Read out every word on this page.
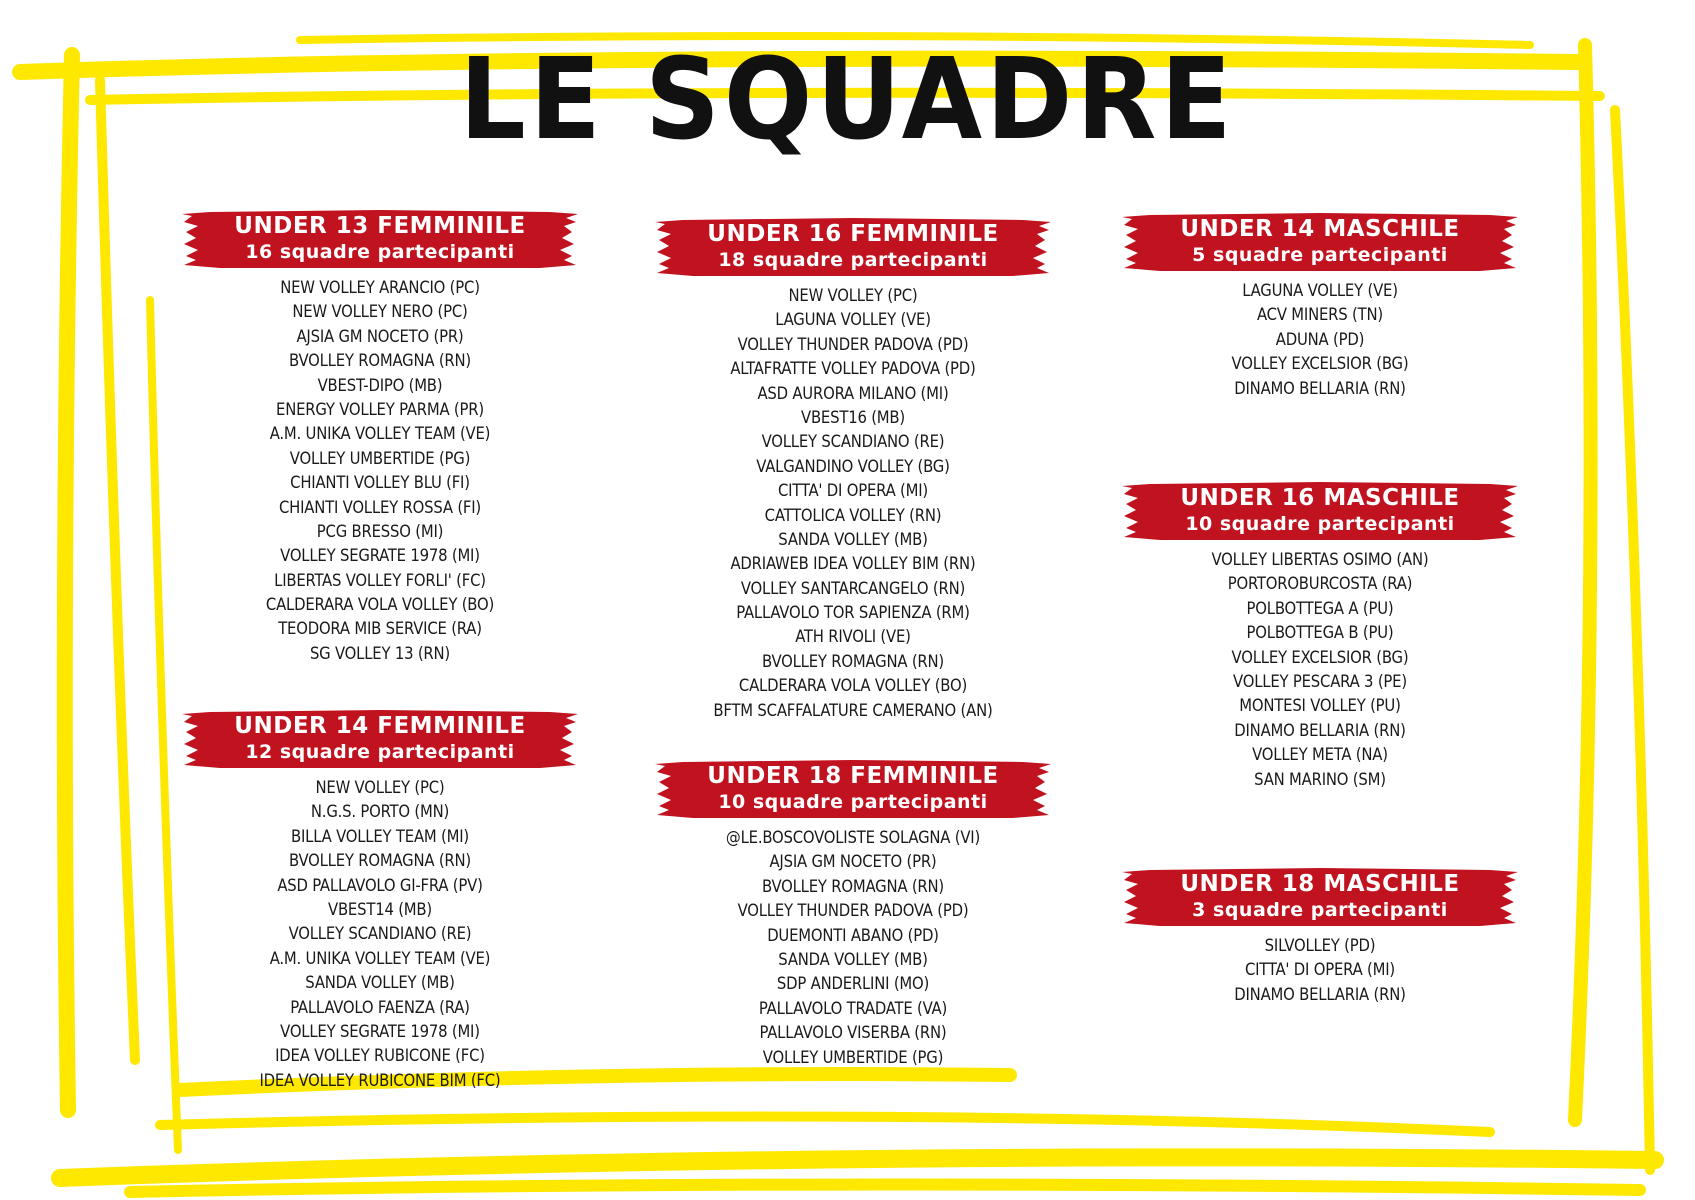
LE SQUADRE
UNDER 13 FEMMINILE
16 squadre partecipanti
NEW VOLLEY ARANCIO (PC)
NEW VOLLEY NERO (PC)
AJSIA GM NOCETO (PR)
BVOLLEY ROMAGNA (RN)
VBEST-DIPO (MB)
ENERGY VOLLEY PARMA (PR)
A.M. UNIKA VOLLEY TEAM (VE)
VOLLEY UMBERTIDE (PG)
CHIANTI VOLLEY BLU (FI)
CHIANTI VOLLEY ROSSA (FI)
PCG BRESSO (MI)
VOLLEY SEGRATE 1978 (MI)
LIBERTAS VOLLEY FORLI' (FC)
CALDERARA VOLA VOLLEY (BO)
TEODORA MIB SERVICE (RA)
SG VOLLEY 13 (RN)
UNDER 14 FEMMINILE
12 squadre partecipanti
NEW VOLLEY (PC)
N.G.S. PORTO (MN)
BILLA VOLLEY TEAM (MI)
BVOLLEY ROMAGNA (RN)
ASD PALLAVOLO GI-FRA (PV)
VBEST14 (MB)
VOLLEY SCANDIANO (RE)
A.M. UNIKA VOLLEY TEAM (VE)
SANDA VOLLEY (MB)
PALLAVOLO FAENZA (RA)
VOLLEY SEGRATE 1978 (MI)
IDEA VOLLEY RUBICONE (FC)
IDEA VOLLEY RUBICONE BIM (FC)
UNDER 16 FEMMINILE
18 squadre partecipanti
NEW VOLLEY (PC)
LAGUNA VOLLEY (VE)
VOLLEY THUNDER PADOVA (PD)
ALTAFRATTE VOLLEY PADOVA (PD)
ASD AURORA MILANO (MI)
VBEST16 (MB)
VOLLEY SCANDIANO (RE)
VALGANDINO VOLLEY (BG)
CITTA' DI OPERA (MI)
CATTOLICA VOLLEY (RN)
SANDA VOLLEY (MB)
ADRIAWEB IDEA VOLLEY BIM (RN)
VOLLEY SANTARCANGELO (RN)
PALLAVOLO TOR SAPIENZA (RM)
ATH RIVOLI (VE)
BVOLLEY ROMAGNA (RN)
CALDERARA VOLA VOLLEY (BO)
BFTM SCAFFALATURE CAMERANO (AN)
UNDER 18 FEMMINILE
10 squadre partecipanti
@LE.BOSCOVOLISTE SOLAGNA (VI)
AJSIA GM NOCETO (PR)
BVOLLEY ROMAGNA (RN)
VOLLEY THUNDER PADOVA (PD)
DUEMONTI ABANO (PD)
SANDA VOLLEY (MB)
SDP ANDERLINI (MO)
PALLAVOLO TRADATE (VA)
PALLAVOLO VISERBA (RN)
VOLLEY UMBERTIDE (PG)
UNDER 14 MASCHILE
5 squadre partecipanti
LAGUNA VOLLEY (VE)
ACV MINERS (TN)
ADUNA (PD)
VOLLEY EXCELSIOR (BG)
DINAMO BELLARIA (RN)
UNDER 16 MASCHILE
10 squadre partecipanti
VOLLEY LIBERTAS OSIMO (AN)
PORTOROBURCOSTA (RA)
POLBOTTEGA A (PU)
POLBOTTEGA B (PU)
VOLLEY EXCELSIOR (BG)
VOLLEY PESCARA 3 (PE)
MONTESI VOLLEY (PU)
DINAMO BELLARIA (RN)
VOLLEY META (NA)
SAN MARINO (SM)
UNDER 18 MASCHILE
3 squadre partecipanti
SILVOLLEY (PD)
CITTA' DI OPERA (MI)
DINAMO BELLARIA (RN)
